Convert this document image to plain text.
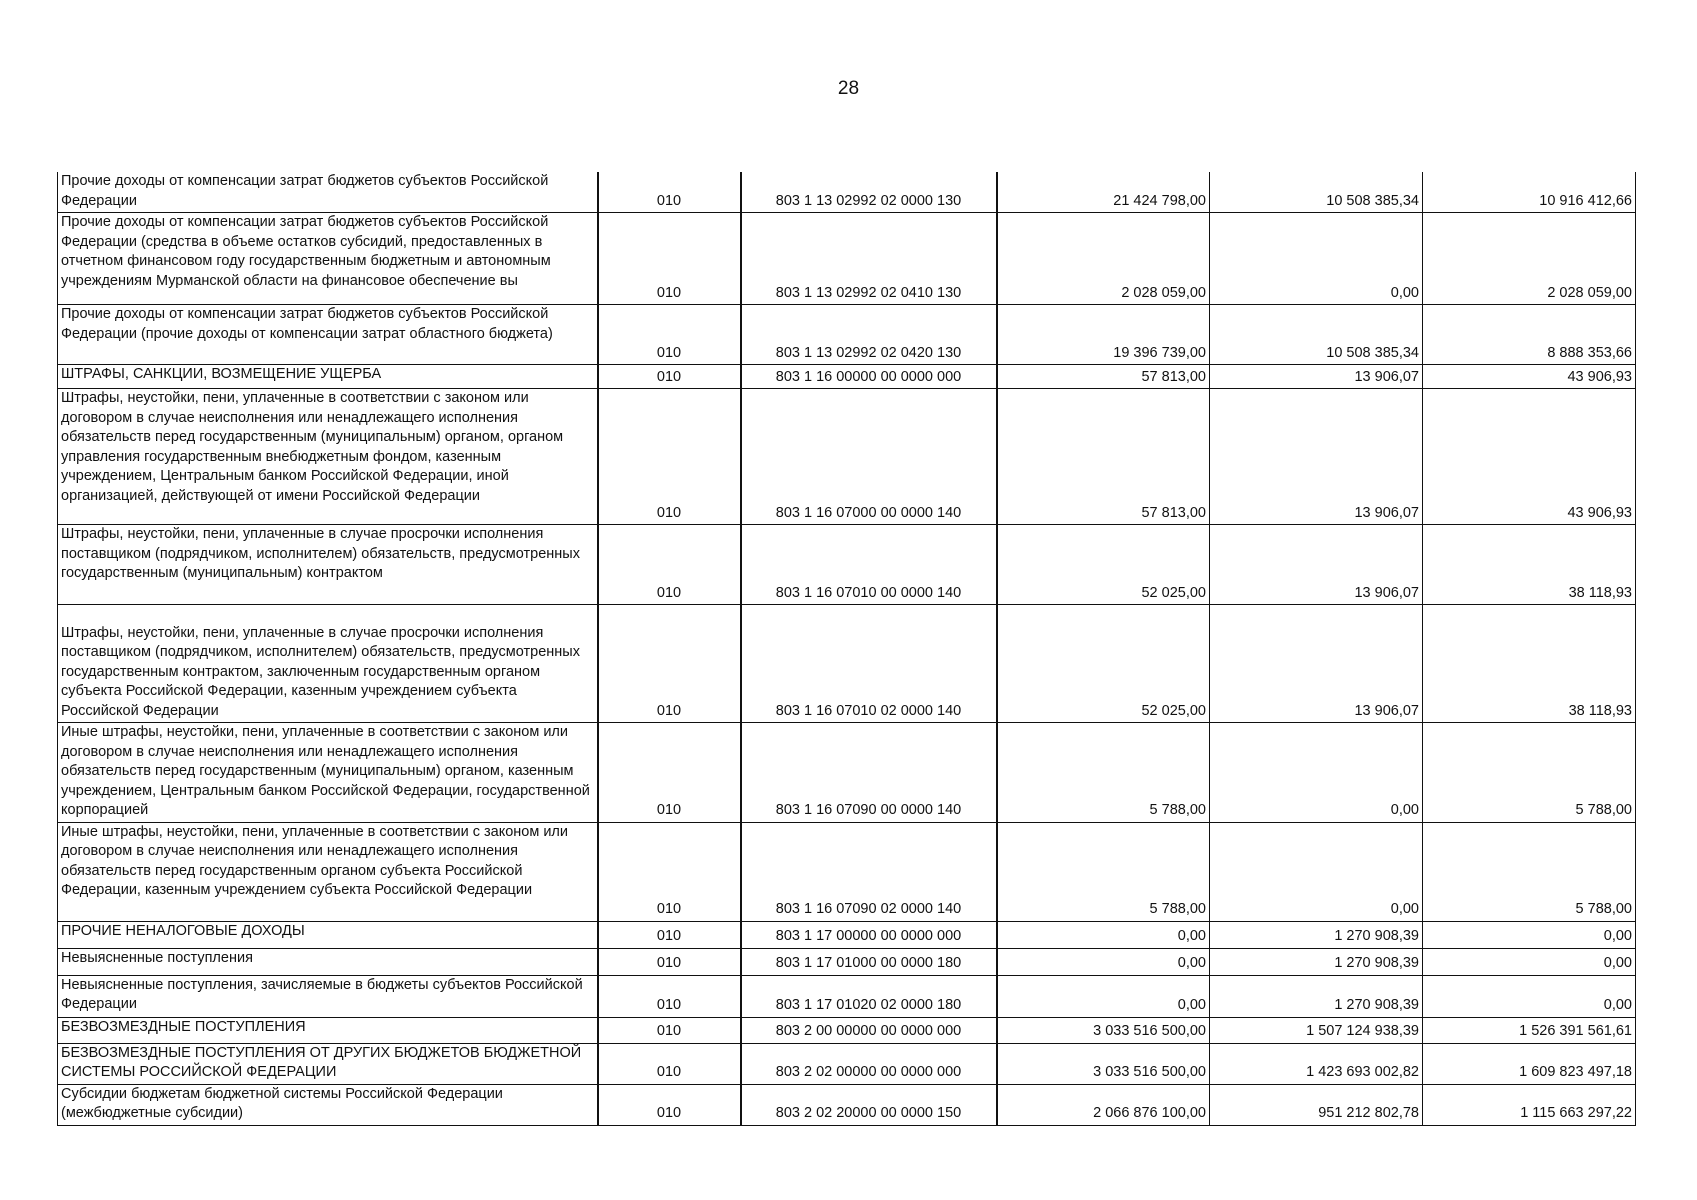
28
Прочие доходы от компенсации затрат бюджетов субъектов Российской Федерации	010	803 1 13 02992 02 0000 130	21 424 798,00	10 508 385,34	10 916 412,66

Прочие доходы от компенсации затрат бюджетов субъектов Российской Федерации (средства в объеме остатков субсидий, предоставленных в отчетном финансовом году государственным бюджетным и автономным учреждениям Мурманской области на финансовое обеспечение вы	010	803 1 13 02992 02 0410 130	2 028 059,00	0,00	2 028 059,00

Прочие доходы от компенсации затрат бюджетов субъектов Российской Федерации (прочие доходы от компенсации затрат областного бюджета)	010	803 1 13 02992 02 0420 130	19 396 739,00	10 508 385,34	8 888 353,66

ШТРАФЫ, САНКЦИИ, ВОЗМЕЩЕНИЕ УЩЕРБА	010	803 1 16 00000 00 0000 000	57 813,00	13 906,07	43 906,93

Штрафы, неустойки, пени, уплаченные в соответствии с законом или договором в случае неисполнения или ненадлежащего исполнения обязательств перед государственным (муниципальным) органом, органом управления государственным внебюджетным фондом, казенным учреждением, Центральным банком Российской Федерации, иной организацией, действующей от имени Российской Федерации	010	803 1 16 07000 00 0000 140	57 813,00	13 906,07	43 906,93

Штрафы, неустойки, пени, уплаченные в случае просрочки исполнения поставщиком (подрядчиком, исполнителем) обязательств, предусмотренных государственным (муниципальным) контрактом	010	803 1 16 07010 00 0000 140	52 025,00	13 906,07	38 118,93

Штрафы, неустойки, пени, уплаченные в случае просрочки исполнения поставщиком (подрядчиком, исполнителем) обязательств, предусмотренных государственным контрактом, заключенным государственным органом субъекта Российской Федерации, казенным учреждением субъекта Российской Федерации	010	803 1 16 07010 02 0000 140	52 025,00	13 906,07	38 118,93

Иные штрафы, неустойки, пени, уплаченные в соответствии с законом или договором в случае неисполнения или ненадлежащего исполнения обязательств перед государственным (муниципальным) органом, казенным учреждением, Центральным банком Российской Федерации, государственной корпорацией	010	803 1 16 07090 00 0000 140	5 788,00	0,00	5 788,00

Иные штрафы, неустойки, пени, уплаченные в соответствии с законом или договором в случае неисполнения или ненадлежащего исполнения обязательств перед государственным органом субъекта Российской Федерации, казенным учреждением субъекта Российской Федерации	010	803 1 16 07090 02 0000 140	5 788,00	0,00	5 788,00

ПРОЧИЕ НЕНАЛОГОВЫЕ ДОХОДЫ	010	803 1 17 00000 00 0000 000	0,00	1 270 908,39	0,00

Невыясненные поступления	010	803 1 17 01000 00 0000 180	0,00	1 270 908,39	0,00

Невыясненные поступления, зачисляемые в бюджеты субъектов Российской Федерации	010	803 1 17 01020 02 0000 180	0,00	1 270 908,39	0,00

БЕЗВОЗМЕЗДНЫЕ ПОСТУПЛЕНИЯ	010	803 2 00 00000 00 0000 000	3 033 516 500,00	1 507 124 938,39	1 526 391 561,61

БЕЗВОЗМЕЗДНЫЕ ПОСТУПЛЕНИЯ ОТ ДРУГИХ БЮДЖЕТОВ БЮДЖЕТНОЙ СИСТЕМЫ РОССИЙСКОЙ ФЕДЕРАЦИИ	010	803 2 02 00000 00 0000 000	3 033 516 500,00	1 423 693 002,82	1 609 823 497,18

Субсидии бюджетам бюджетной системы Российской Федерации (межбюджетные субсидии)	010	803 2 02 20000 00 0000 150	2 066 876 100,00	951 212 802,78	1 115 663 297,22
